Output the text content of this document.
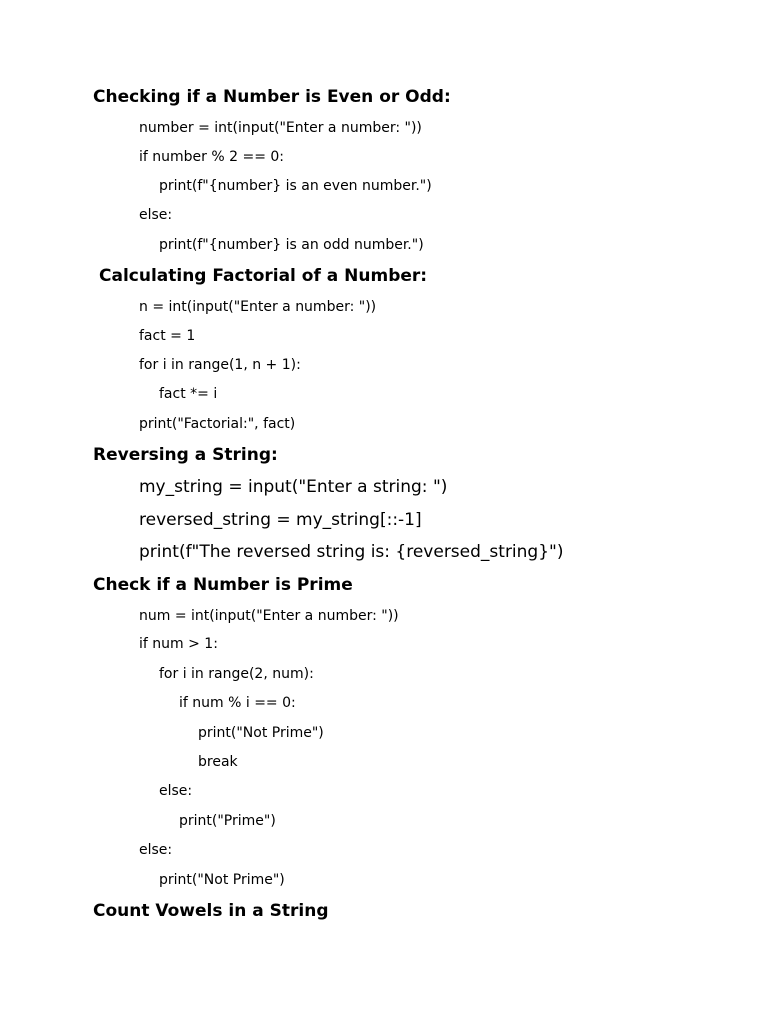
Checking if a Number is Even or Odd:
number = int(input("Enter a number: "))
if number % 2 == 0:
print(f"{number} is an even number.")
else:
print(f"{number} is an odd number.")
Calculating Factorial of a Number:
n = int(input("Enter a number: "))
fact = 1
for i in range(1, n + 1):
fact *= i
print("Factorial:", fact)
Reversing a String:
my_string = input("Enter a string: ")
reversed_string = my_string[::-1]
print(f"The reversed string is: {reversed_string}")
Check if a Number is Prime
num = int(input("Enter a number: "))
if num > 1:
for i in range(2, num):
if num % i == 0:
print("Not Prime")
break
else:
print("Prime")
else:
print("Not Prime")
Count Vowels in a String
